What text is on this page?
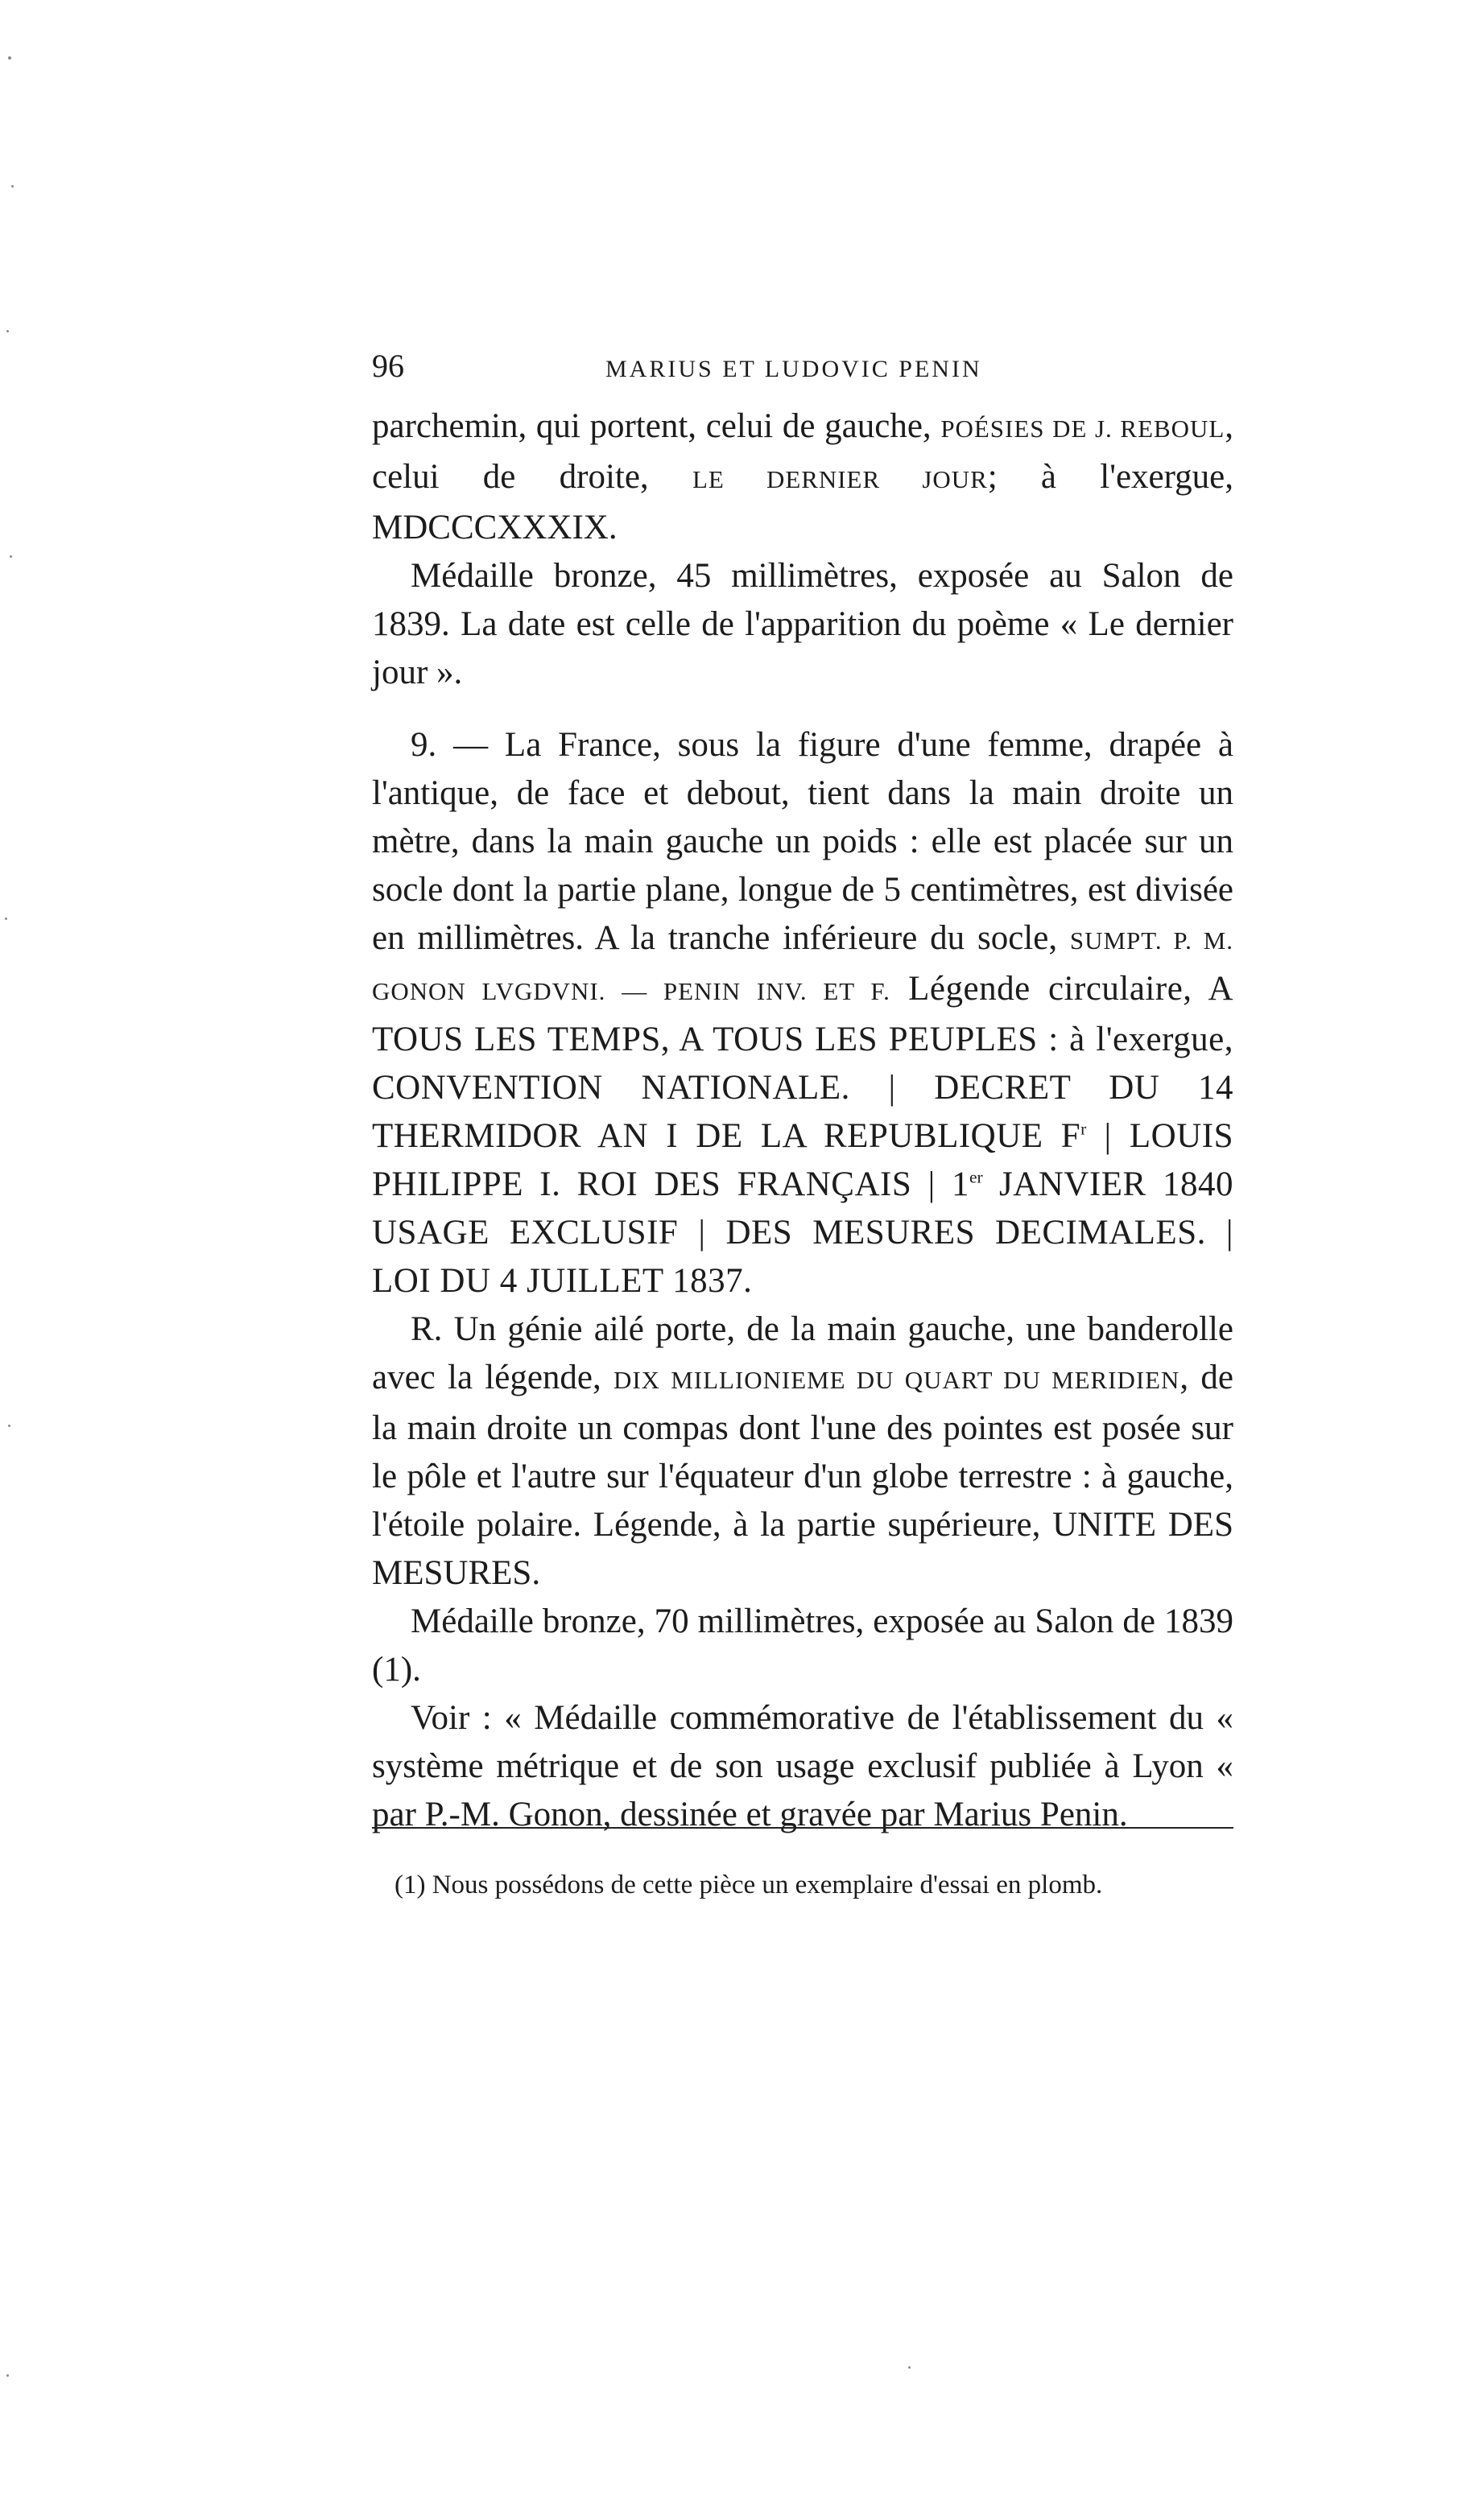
96	MARIUS ET LUDOVIC PENIN

parchemin, qui portent, celui de gauche, POÉSIES DE J. REBOUL, celui de droite, LE DERNIER JOUR; à l'exergue, MDCCCXXXIX.

Médaille bronze, 45 millimètres, exposée au Salon de 1839. La date est celle de l'apparition du poème « Le dernier jour ».

9. — La France, sous la figure d'une femme, drapée à l'antique, de face et debout, tient dans la main droite un mètre, dans la main gauche un poids : elle est placée sur un socle dont la partie plane, longue de 5 centimètres, est divisée en millimètres. A la tranche inférieure du socle, SUMPT. P. M. GONON LVGDVNI. — PENIN INV. ET F. Légende circulaire, A TOUS LES TEMPS, A TOUS LES PEUPLES : à l'exergue, CONVENTION NATIONALE. | DECRET DU 14 THERMIDOR AN I DE LA REPUBLIQUE $F^r$ | LOUIS PHILIPPE I. ROI DES FRANÇAIS | 1er JANVIER 1840 USAGE EXCLUSIF | DES MESURES DECIMALES. | LOI DU 4 JUILLET 1837.

R. Un génie ailé porte, de la main gauche, une banderolle avec la légende, DIX MILLIONIEME DU QUART DU MERIDIEN, de la main droite un compas dont l'une des pointes est posée sur le pôle et l'autre sur l'équateur d'un globe terrestre : à gauche, l'étoile polaire. Légende, à la partie supérieure, UNITE DES MESURES.

Médaille bronze, 70 millimètres, exposée au Salon de 1839 (1).

Voir : « Médaille commémorative de l'établissement du « système métrique et de son usage exclusif publiée à Lyon « par P.-M. Gonon, dessinée et gravée par Marius Penin.

(1) Nous possédons de cette pièce un exemplaire d'essai en plomb.
